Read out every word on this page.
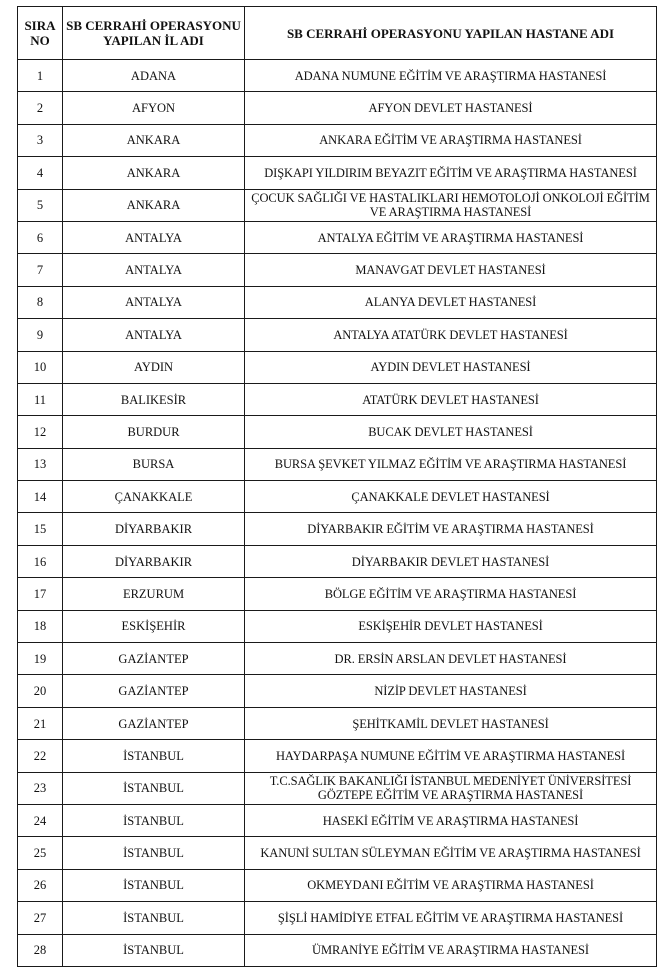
SIRA NO	SB CERRAHİ OPERASYONU YAPILAN İL ADI	SB CERRAHİ OPERASYONU YAPILAN HASTANE ADI
1	ADANA	ADANA NUMUNE EĞİTİM VE ARAŞTIRMA HASTANESİ
2	AFYON	AFYON DEVLET HASTANESİ
3	ANKARA	ANKARA EĞİTİM VE ARAŞTIRMA HASTANESİ
4	ANKARA	DIŞKAPI YILDIRIM BEYAZIT EĞİTİM VE ARAŞTIRMA HASTANESİ
5	ANKARA	ÇOCUK SAĞLIĞI VE HASTALIKLARI HEMOTOLOJİ ONKOLOJİ EĞİTİM VE ARAŞTIRMA HASTANESİ
6	ANTALYA	ANTALYA EĞİTİM VE ARAŞTIRMA HASTANESİ
7	ANTALYA	MANAVGAT DEVLET HASTANESİ
8	ANTALYA	ALANYA DEVLET HASTANESİ
9	ANTALYA	ANTALYA ATATÜRK DEVLET HASTANESİ
10	AYDIN	AYDIN DEVLET HASTANESİ
11	BALIKESİR	ATATÜRK DEVLET HASTANESİ
12	BURDUR	BUCAK DEVLET HASTANESİ
13	BURSA	BURSA ŞEVKET YILMAZ EĞİTİM VE ARAŞTIRMA HASTANESİ
14	ÇANAKKALE	ÇANAKKALE DEVLET HASTANESİ
15	DİYARBAKIR	DİYARBAKIR EĞİTİM VE ARAŞTIRMA HASTANESİ
16	DİYARBAKIR	DİYARBAKIR DEVLET HASTANESİ
17	ERZURUM	BÖLGE EĞİTİM VE ARAŞTIRMA HASTANESİ
18	ESKİŞEHİR	ESKİŞEHİR DEVLET HASTANESİ
19	GAZİANTEP	DR. ERSİN ARSLAN DEVLET HASTANESİ
20	GAZİANTEP	NİZİP DEVLET HASTANESİ
21	GAZİANTEP	ŞEHİTKAMİL DEVLET HASTANESİ
22	İSTANBUL	HAYDARPAŞA NUMUNE EĞİTİM VE ARAŞTIRMA HASTANESİ
23	İSTANBUL	T.C.SAĞLIK BAKANLIĞI İSTANBUL MEDENİYET ÜNİVERSİTESİ GÖZTEPE EĞİTİM VE ARAŞTIRMA HASTANESİ
24	İSTANBUL	HASEKİ EĞİTİM VE ARAŞTIRMA HASTANESİ
25	İSTANBUL	KANUNİ SULTAN SÜLEYMAN EĞİTİM VE ARAŞTIRMA HASTANESİ
26	İSTANBUL	OKMEYDANI EĞİTİM VE ARAŞTIRMA HASTANESİ
27	İSTANBUL	ŞİŞLİ HAMİDİYE ETFAL EĞİTİM VE ARAŞTIRMA HASTANESİ
28	İSTANBUL	ÜMRANİYE EĞİTİM VE ARAŞTIRMA HASTANESİ
